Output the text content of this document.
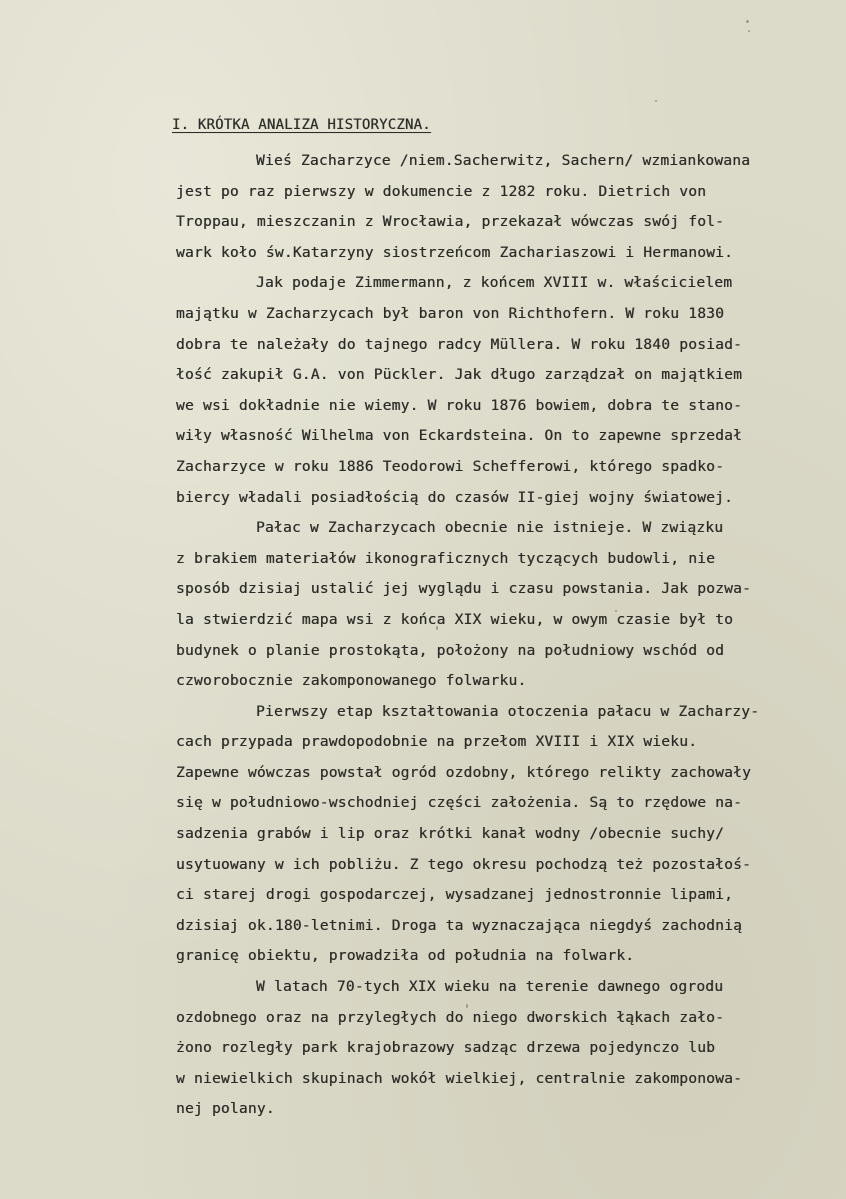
I. KRÓTKA ANALIZA HISTORYCZNA.
Wieś Zacharzyce /niem.Sacherwitz, Sachern/ wzmiankowana
jest po raz pierwszy w dokumencie z 1282 roku. Dietrich von
Troppau, mieszczanin z Wrocławia, przekazał wówczas swój fol-
wark koło św.Katarzyny siostrzeńcom Zachariaszowi i Hermanowi.
Jak podaje Zimmermann, z końcem XVIII w. właścicielem
majątku w Zacharzycach był baron von Richthofern. W roku 1830
dobra te należały do tajnego radcy Müllera. W roku 1840 posiad-
łość zakupił G.A. von Pückler. Jak długo zarządzał on majątkiem
we wsi dokładnie nie wiemy. W roku 1876 bowiem, dobra te stano-
wiły własność Wilhelma von Eckardsteina. On to zapewne sprzedał
Zacharzyce w roku 1886 Teodorowi Schefferowi, którego spadko-
biercy władali posiadłością do czasów II-giej wojny światowej.
Pałac w Zacharzycach obecnie nie istnieje. W związku
z brakiem materiałów ikonograficznych tyczących budowli, nie
sposób dzisiaj ustalić jej wyglądu i czasu powstania. Jak pozwa-
la stwierdzić mapa wsi z końca XIX wieku, w owym czasie był to
budynek o planie prostokąta, położony na południowy wschód od
czworobocznie zakomponowanego folwarku.
Pierwszy etap kształtowania otoczenia pałacu w Zacharzy-
cach przypada prawdopodobnie na przełom XVIII i XIX wieku.
Zapewne wówczas powstał ogród ozdobny, którego relikty zachowały
się w południowo-wschodniej części założenia. Są to rzędowe na-
sadzenia grabów i lip oraz krótki kanał wodny /obecnie suchy/
usytuowany w ich pobliżu. Z tego okresu pochodzą też pozostałoś-
ci starej drogi gospodarczej, wysadzanej jednostronnie lipami,
dzisiaj ok.180-letnimi. Droga ta wyznaczająca niegdyś zachodnią
granicę obiektu, prowadziła od południa na folwark.
W latach 70-tych XIX wieku na terenie dawnego ogrodu
ozdobnego oraz na przyległych do niego dworskich łąkach zało-
żono rozległy park krajobrazowy sadząc drzewa pojedynczo lub
w niewielkich skupinach wokół wielkiej, centralnie zakomponowa-
nej polany.
